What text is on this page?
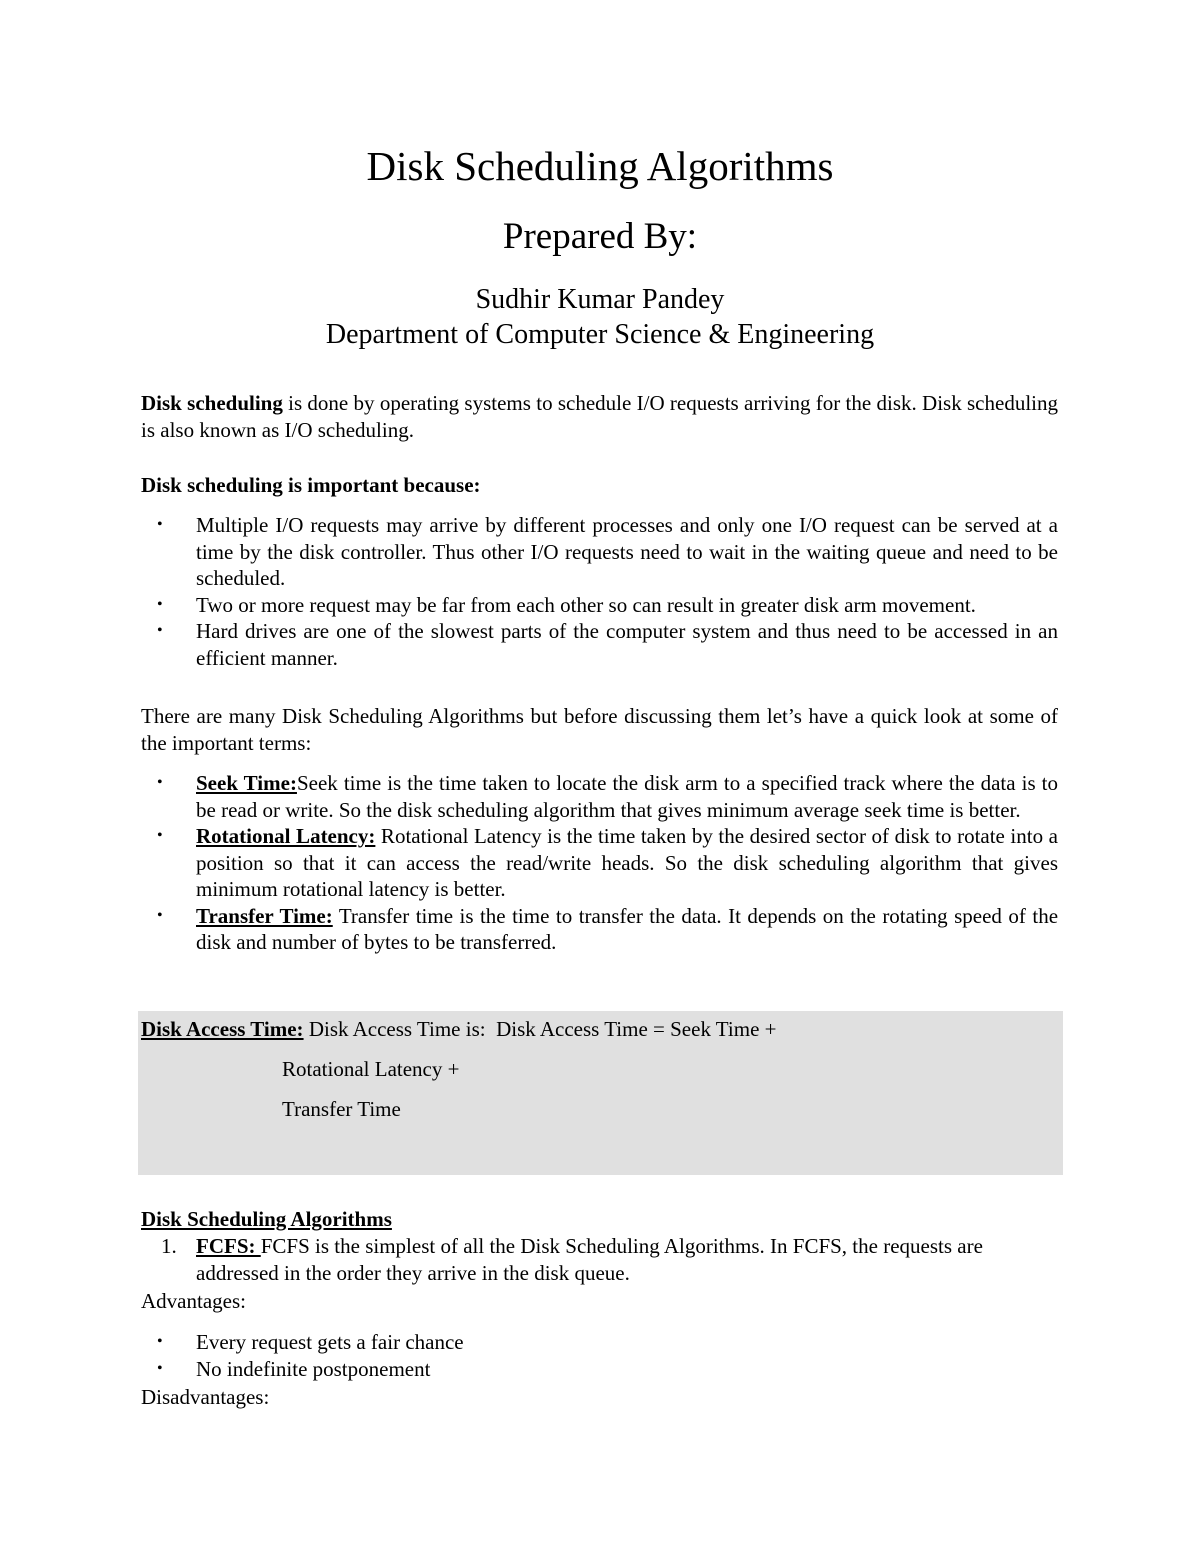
Disk Scheduling Algorithms
Prepared By:
Sudhir Kumar Pandey
Department of Computer Science & Engineering

Disk scheduling is done by operating systems to schedule I/O requests arriving for the disk. Disk scheduling is also known as I/O scheduling.

Disk scheduling is important because:

• Multiple I/O requests may arrive by different processes and only one I/O request can be served at a time by the disk controller. Thus other I/O requests need to wait in the waiting queue and need to be scheduled.
• Two or more request may be far from each other so can result in greater disk arm movement.
• Hard drives are one of the slowest parts of the computer system and thus need to be accessed in an efficient manner.

There are many Disk Scheduling Algorithms but before discussing them let’s have a quick look at some of the important terms:

• Seek Time:Seek time is the time taken to locate the disk arm to a specified track where the data is to be read or write. So the disk scheduling algorithm that gives minimum average seek time is better.
• Rotational Latency: Rotational Latency is the time taken by the desired sector of disk to rotate into a position so that it can access the read/write heads. So the disk scheduling algorithm that gives minimum rotational latency is better.
• Transfer Time: Transfer time is the time to transfer the data. It depends on the rotating speed of the disk and number of bytes to be transferred.
Disk Access Time: Disk Access Time is:  Disk Access Time = Seek Time +
Rotational Latency +
Transfer Time
Disk Scheduling Algorithms
1. FCFS: FCFS is the simplest of all the Disk Scheduling Algorithms. In FCFS, the requests are addressed in the order they arrive in the disk queue.
Advantages:
• Every request gets a fair chance
• No indefinite postponement
Disadvantages:
